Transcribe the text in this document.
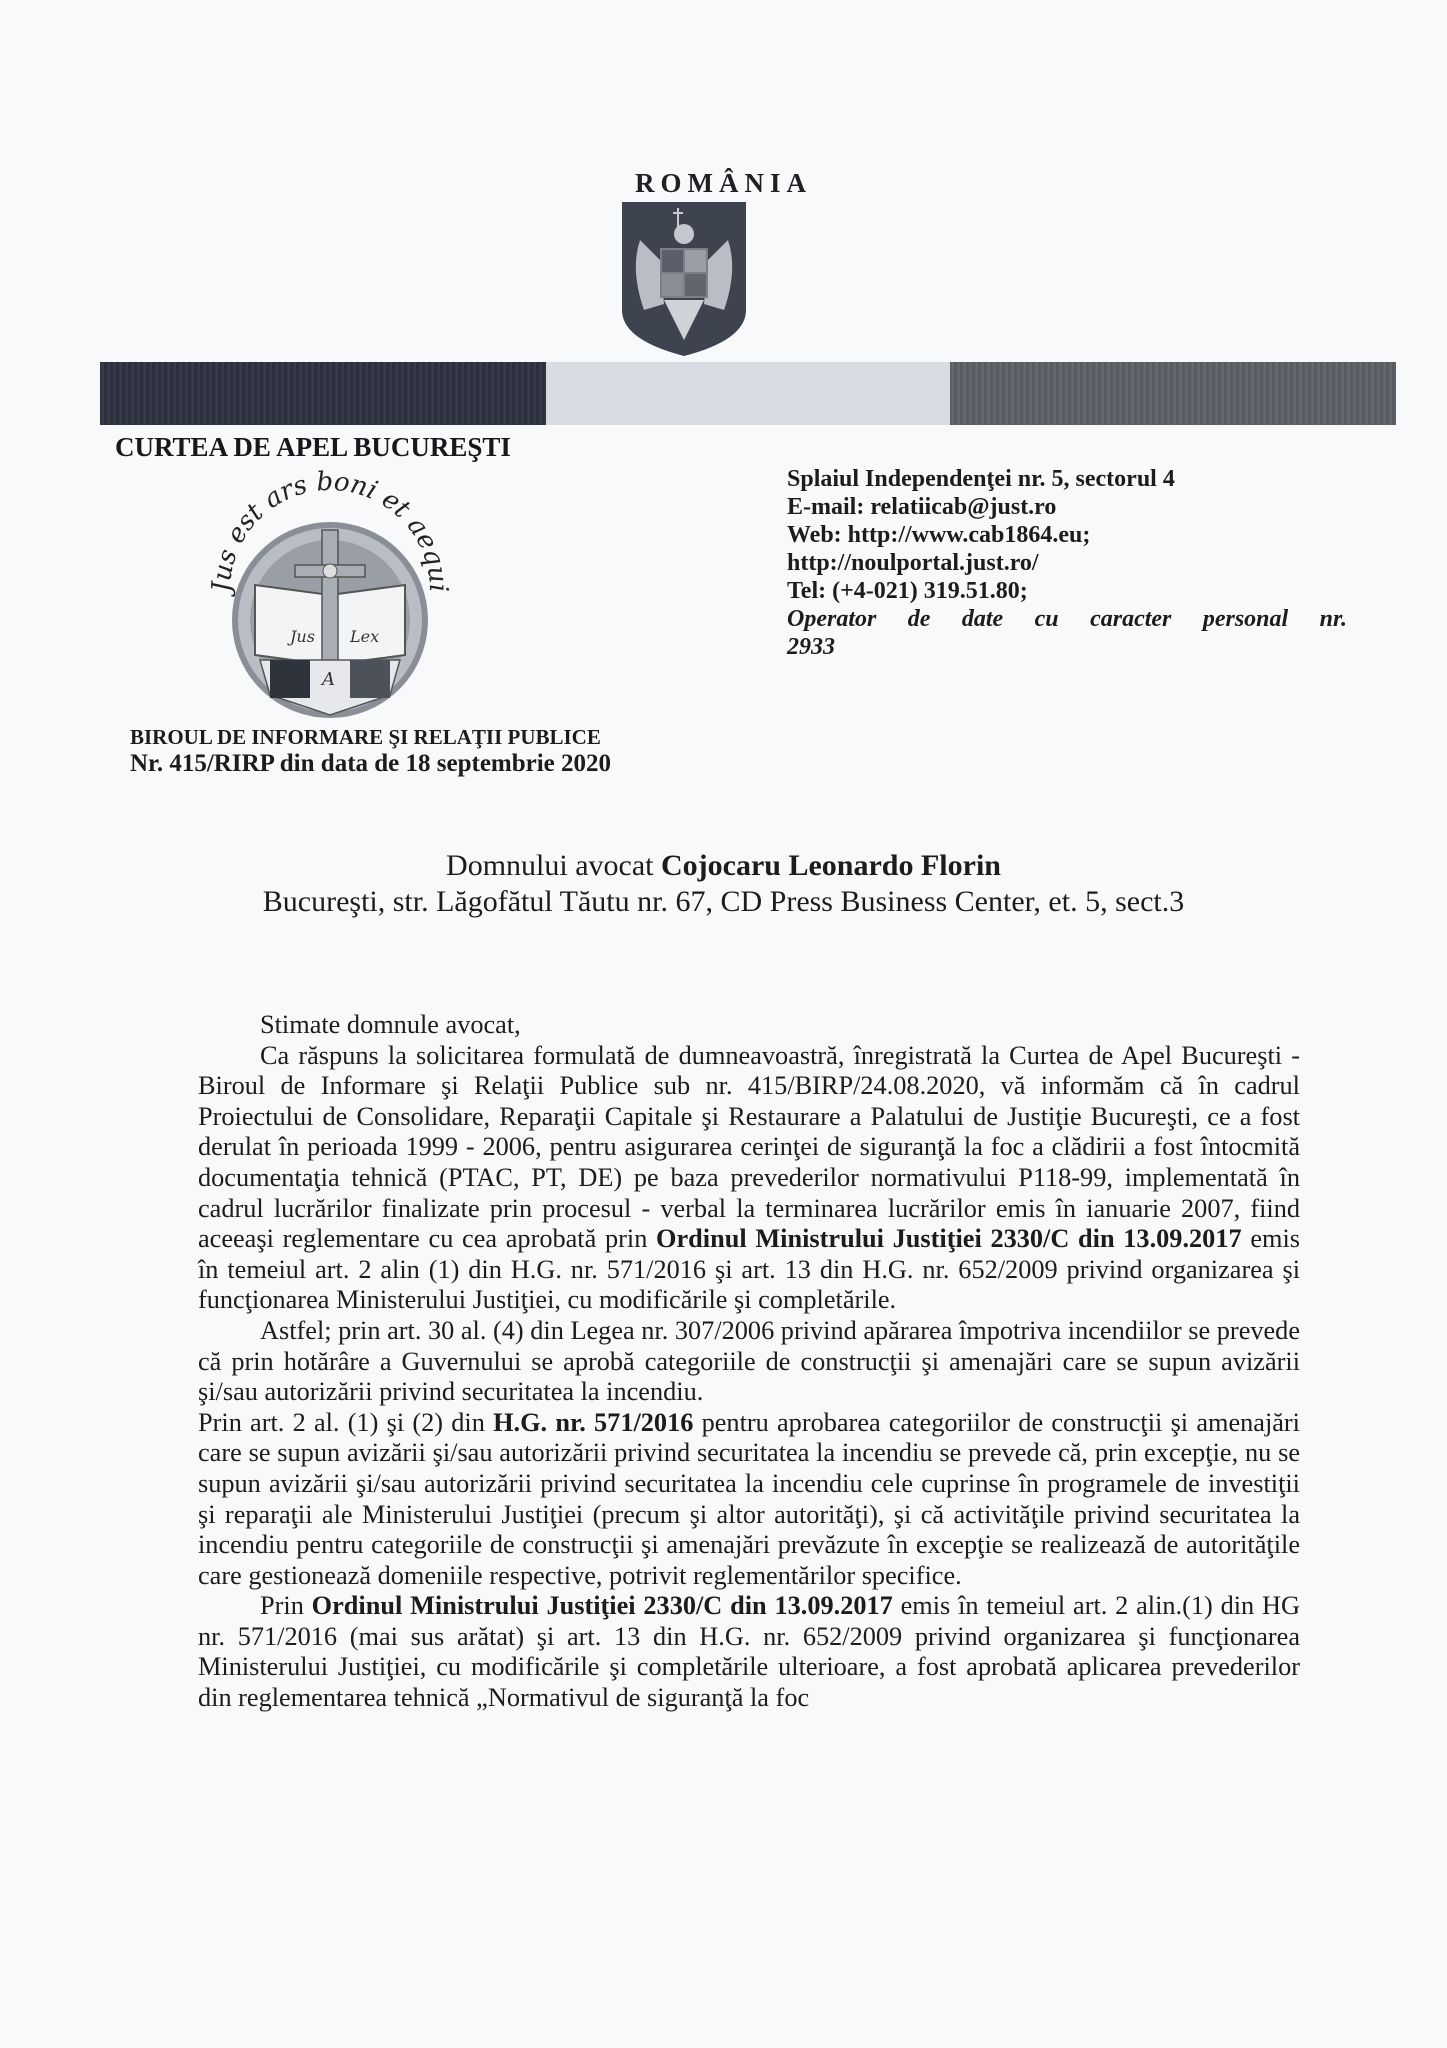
ROMÂNIA
CURTEA DE APEL BUCUREŞTI
Jus est ars boni et aequi
Jus Lex
A
BIROUL DE INFORMARE ŞI RELAŢII PUBLICE
Nr. 415/RIRP din data de 18 septembrie 2020
Splaiul Independenţei nr. 5, sectorul 4
E-mail: relatiicab@just.ro
Web: http://www.cab1864.eu;
http://noulportal.just.ro/
Tel: (+4-021) 319.51.80;
Operator de date cu caracter personal nr.
2933
Domnului avocat Cojocaru Leonardo Florin
Bucureşti, str. Lăgofătul Tăutu nr. 67, CD Press Business Center, et. 5, sect.3

Stimate domnule avocat,

Ca răspuns la solicitarea formulată de dumneavoastră, înregistrată la Curtea de Apel Bucureşti - Biroul de Informare şi Relaţii Publice sub nr. 415/BIRP/24.08.2020, vă informăm că în cadrul Proiectului de Consolidare, Reparaţii Capitale şi Restaurare a Palatului de Justiţie Bucureşti, ce a fost derulat în perioada 1999 - 2006, pentru asigurarea cerinţei de siguranţă la foc a clădirii a fost întocmită documentaţia tehnică (PTAC, PT, DE) pe baza prevederilor normativului P118-99, implementată în cadrul lucrărilor finalizate prin procesul - verbal la terminarea lucrărilor emis în ianuarie 2007, fiind aceeaşi reglementare cu cea aprobată prin Ordinul Ministrului Justiţiei 2330/C din 13.09.2017 emis în temeiul art. 2 alin (1) din H.G. nr. 571/2016 şi art. 13 din H.G. nr. 652/2009 privind organizarea şi funcţionarea Ministerului Justiţiei, cu modificările şi completările.

Astfel; prin art. 30 al. (4) din Legea nr. 307/2006 privind apărarea împotriva incendiilor se prevede că prin hotărâre a Guvernului se aprobă categoriile de construcţii şi amenajări care se supun avizării şi/sau autorizării privind securitatea la incendiu.

Prin art. 2 al. (1) şi (2) din H.G. nr. 571/2016 pentru aprobarea categoriilor de construcţii şi amenajări care se supun avizării şi/sau autorizării privind securitatea la incendiu se prevede că, prin excepţie, nu se supun avizării şi/sau autorizării privind securitatea la incendiu cele cuprinse în programele de investiţii şi reparaţii ale Ministerului Justiţiei (precum şi altor autorităţi), şi că activităţile privind securitatea la incendiu pentru categoriile de construcţii şi amenajări prevăzute în excepţie se realizează de autorităţile care gestionează domeniile respective, potrivit reglementărilor specifice.

Prin Ordinul Ministrului Justiţiei 2330/C din 13.09.2017 emis în temeiul art. 2 alin.(1) din HG nr. 571/2016 (mai sus arătat) şi art. 13 din H.G. nr. 652/2009 privind organizarea şi funcţionarea Ministerului Justiţiei, cu modificările şi completările ulterioare, a fost aprobată aplicarea prevederilor din reglementarea tehnică „Normativul de siguranţă la foc
